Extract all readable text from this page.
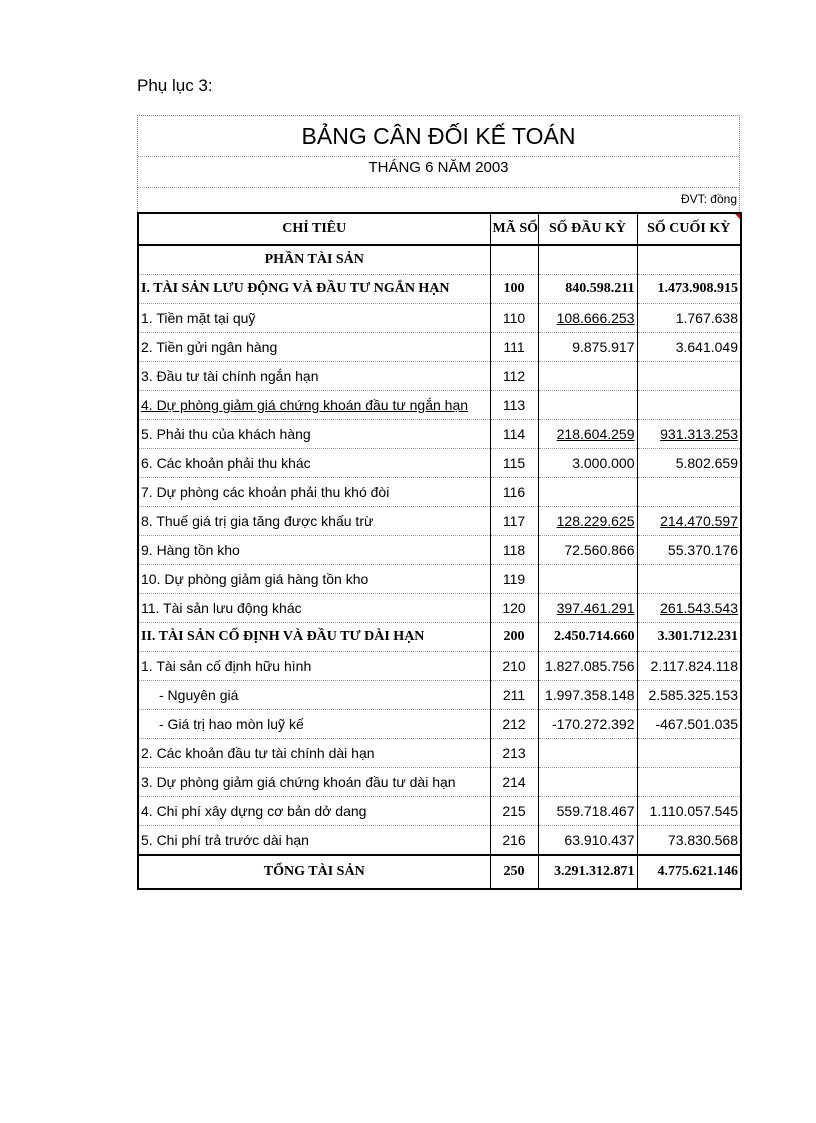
Phụ lục 3:
BẢNG CÂN ĐỐI KẾ TOÁN
THÁNG 6 NĂM 2003
ĐVT: đồng
CHỈ TIÊU	MÃ SỐ	SỐ ĐẦU KỲ	SỐ CUỐI KỲ

PHẦN TÀI SẢN			
I. TÀI SẢN LƯU ĐỘNG VÀ ĐẦU TƯ NGẮN HẠN	100	840.598.211	1.473.908.915
1. Tiền mặt tại quỹ	110	108.666.253	1.767.638
2. Tiền gửi ngân hàng	111	9.875.917	3.641.049
3. Đầu tư tài chính ngắn hạn	112		
4. Dự phòng giảm giá chứng khoán đầu tư ngắn hạn	113		
5. Phải thu của khách hàng	114	218.604.259	931.313.253
6. Các khoản phải thu khác	115	3.000.000	5.802.659
7. Dự phòng các khoản phải thu khó đòi	116		
8. Thuế giá trị gia tăng được khấu trừ	117	128.229.625	214.470.597
9. Hàng tồn kho	118	72.560.866	55.370.176
10. Dự phòng giảm giá hàng tồn kho	119		
11. Tài sản lưu động khác	120	397.461.291	261.543.543
II. TÀI SẢN CỐ ĐỊNH VÀ ĐẦU TƯ DÀI HẠN	200	2.450.714.660	3.301.712.231
1. Tài sản cố định hữu hình	210	1.827.085.756	2.117.824.118
- Nguyên giá	211	1.997.358.148	2.585.325.153
- Giá trị hao mòn luỹ kế	212	-170.272.392	-467.501.035
2. Các khoản đầu tư tài chính dài hạn	213		
3. Dự phòng giảm giá chứng khoán đầu tư dài hạn	214		
4. Chi phí xây dựng cơ bản dở dang	215	559.718.467	1.110.057.545
5. Chi phí trả trước dài hạn	216	63.910.437	73.830.568
TỔNG TÀI SẢN	250	3.291.312.871	4.775.621.146
